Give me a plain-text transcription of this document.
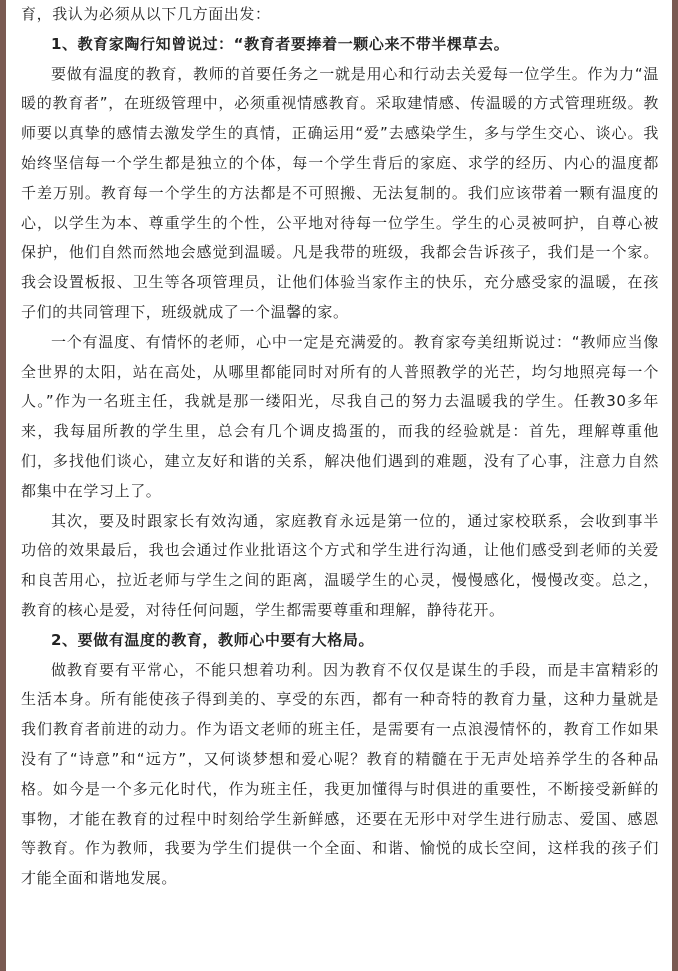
育，我认为必须从以下几方面出发：

1、教育家陶行知曾说过：“教育者要捧着一颗心来不带半棵草去。

要做有温度的教育，教师的首要任务之一就是用心和行动去关爱每一位学生。作为力“温暖的教育者”，在班级管理中，必须重视情感教育。采取建情感、传温暖的方式管理班级。教师要以真挚的感情去激发学生的真情，正确运用“爱”去感染学生，多与学生交心、谈心。我始终坚信每一个学生都是独立的个体，每一个学生背后的家庭、求学的经历、内心的温度都千差万别。教育每一个学生的方法都是不可照搬、无法复制的。我们应该带着一颗有温度的心，以学生为本、尊重学生的个性，公平地对待每一位学生。学生的心灵被呵护，自尊心被保护，他们自然而然地会感觉到温暖。凡是我带的班级，我都会告诉孩子，我们是一个家。我会设置板报、卫生等各项管理员，让他们体验当家作主的快乐，充分感受家的温暖，在孩子们的共同管理下，班级就成了一个温馨的家。

一个有温度、有情怀的老师，心中一定是充满爱的。教育家夸美纽斯说过：“教师应当像全世界的太阳，站在高处，从哪里都能同时对所有的人普照教学的光芒，均匀地照亮每一个人。”作为一名班主任，我就是那一缕阳光，尽我自己的努力去温暖我的学生。任教30多年来，我每届所教的学生里，总会有几个调皮捣蛋的，而我的经验就是：首先，理解尊重他们，多找他们谈心，建立友好和谐的关系，解决他们遇到的难题，没有了心事，注意力自然都集中在学习上了。

其次，要及时跟家长有效沟通，家庭教育永远是第一位的，通过家校联系，会收到事半功倍的效果最后，我也会通过作业批语这个方式和学生进行沟通，让他们感受到老师的关爱和良苦用心，拉近老师与学生之间的距离，温暖学生的心灵，慢慢感化，慢慢改变。总之，教育的核心是爱，对待任何问题，学生都需要尊重和理解，静待花开。

2、要做有温度的教育，教师心中要有大格局。

做教育要有平常心，不能只想着功利。因为教育不仅仅是谋生的手段，而是丰富精彩的生活本身。所有能使孩子得到美的、享受的东西，都有一种奇特的教育力量，这种力量就是我们教育者前进的动力。作为语文老师的班主任，是需要有一点浪漫情怀的，教育工作如果没有了“诗意”和“远方”，又何谈梦想和爱心呢？教育的精髓在于无声处培养学生的各种品格。如今是一个多元化时代，作为班主任，我更加懂得与时俱进的重要性，不断接受新鲜的事物，才能在教育的过程中时刻给学生新鲜感，还要在无形中对学生进行励志、爱国、感恩等教育。作为教师，我要为学生们提供一个全面、和谐、愉悦的成长空间，这样我的孩子们才能全面和谐地发展。
